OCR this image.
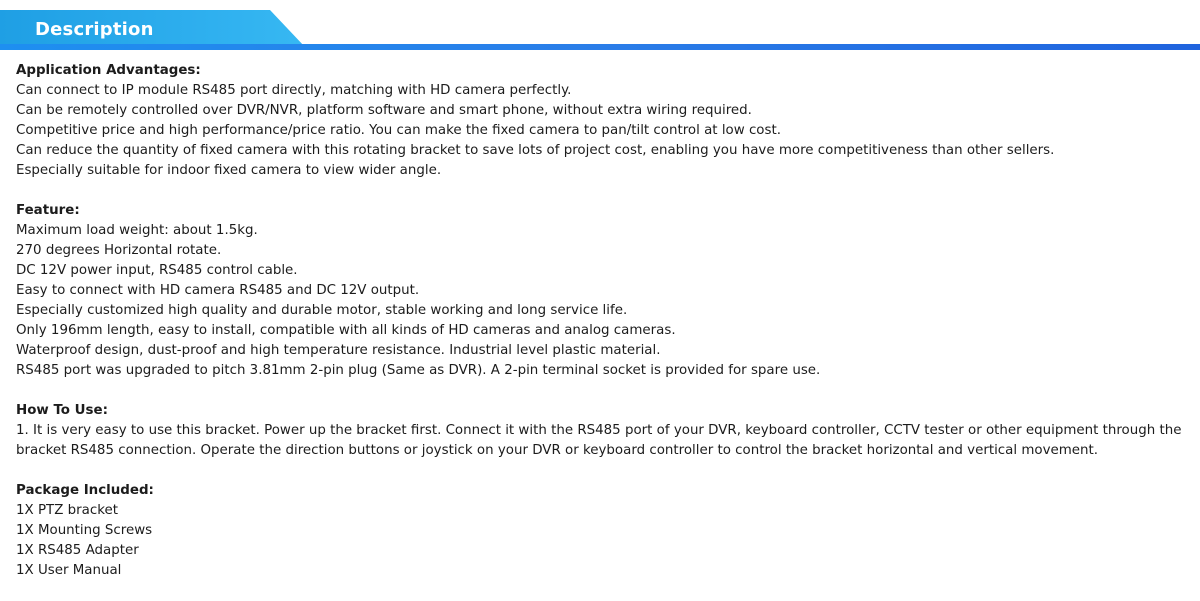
Description
Application Advantages:
Can connect to IP module RS485 port directly, matching with HD camera perfectly.
Can be remotely controlled over DVR/NVR, platform software and smart phone, without extra wiring required.
Competitive price and high performance/price ratio. You can make the fixed camera to pan/tilt control at low cost.
Can reduce the quantity of fixed camera with this rotating bracket to save lots of project cost, enabling you have more competitiveness than other sellers.
Especially suitable for indoor fixed camera to view wider angle.
Feature:
Maximum load weight: about 1.5kg.
270 degrees Horizontal rotate.
DC 12V power input, RS485 control cable.
Easy to connect with HD camera RS485 and DC 12V output.
Especially customized high quality and durable motor, stable working and long service life.
Only 196mm length, easy to install, compatible with all kinds of HD cameras and analog cameras.
Waterproof design, dust-proof and high temperature resistance. Industrial level plastic material.
RS485 port was upgraded to pitch 3.81mm 2-pin plug (Same as DVR). A 2-pin terminal socket is provided for spare use.
How To Use:
1. It is very easy to use this bracket. Power up the bracket first. Connect it with the RS485 port of your DVR, keyboard controller, CCTV tester or other equipment through the bracket RS485 connection. Operate the direction buttons or joystick on your DVR or keyboard controller to control the bracket horizontal and vertical movement.
Package Included:
1X PTZ bracket
1X Mounting Screws
1X RS485 Adapter
1X User Manual
